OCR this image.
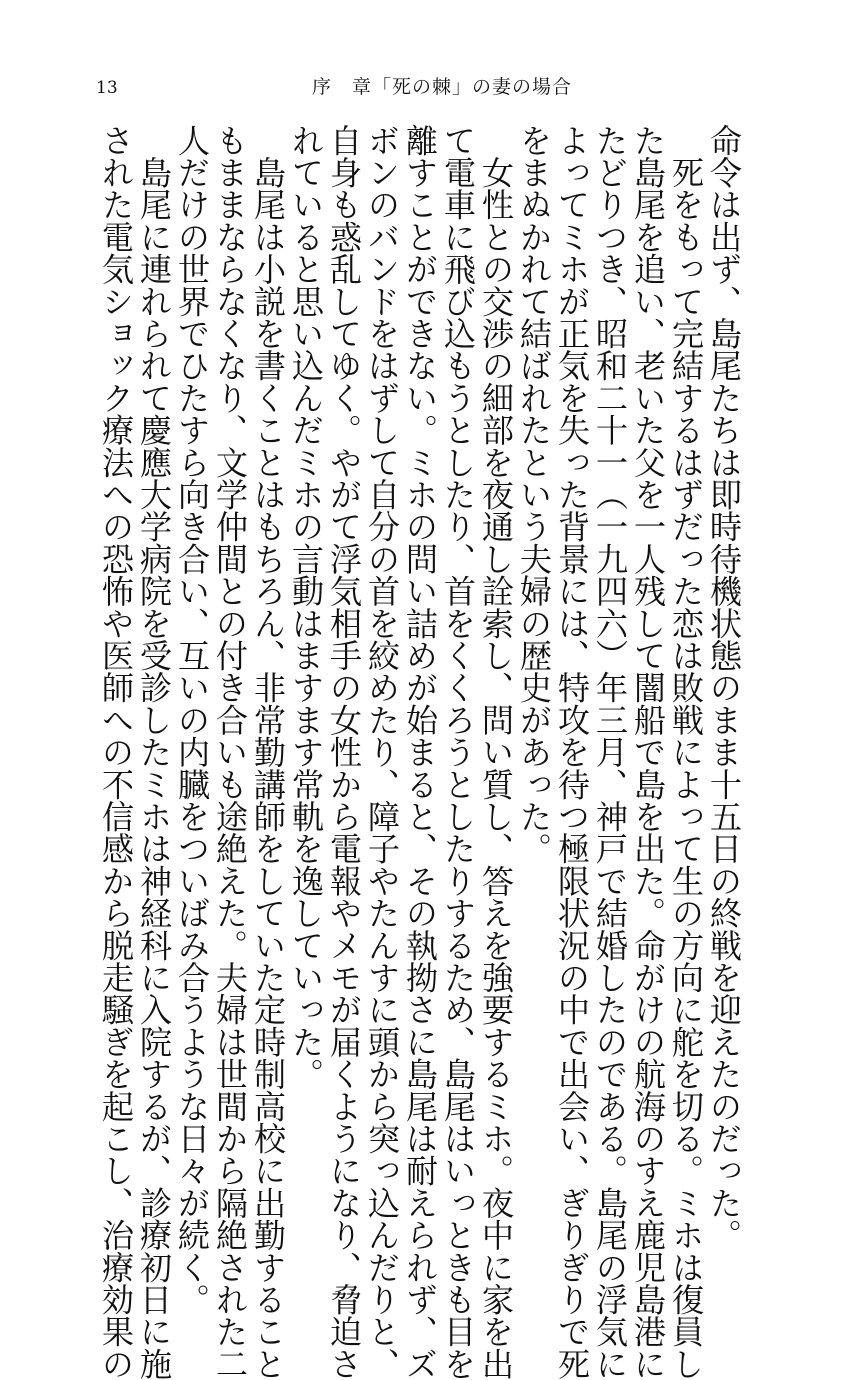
13	序　章「死の棘」の妻の場合
命令は出ず、島尾たちは即時待機状態のまま十五日の終戦を迎えたのだった。
　死をもって完結するはずだった恋は敗戦によって生の方向に舵を切る。ミホは復員し
た島尾を追い、老いた父を一人残して闇船で島を出た。命がけの航海のすえ鹿児島港に
たどりつき、昭和二十一（一九四六）年三月、神戸で結婚したのである。島尾の浮気に
よってミホが正気を失った背景には、特攻を待つ極限状況の中で出会い、ぎりぎりで死
をまぬかれて結ばれたという夫婦の歴史があった。
　女性との交渉の細部を夜通し詮索し、問い質し、答えを強要するミホ。夜中に家を出
て電車に飛び込もうとしたり、首をくくろうとしたりするため、島尾はいっときも目を
離すことができない。ミホの問い詰めが始まると、その執拗さに島尾は耐えられず、ズ
ボンのバンドをはずして自分の首を絞めたり、障子やたんすに頭から突っ込んだりと、
自身も惑乱してゆく。やがて浮気相手の女性から電報やメモが届くようになり、脅迫さ
れていると思い込んだミホの言動はますます常軌を逸していった。
　島尾は小説を書くことはもちろん、非常勤講師をしていた定時制高校に出勤すること
もままならなくなり、文学仲間との付き合いも途絶えた。夫婦は世間から隔絶された二
人だけの世界でひたすら向き合い、互いの内臓をついばみ合うような日々が続く。
　島尾に連れられて慶應大学病院を受診したミホは神経科に入院するが、診療初日に施
された電気ショック療法への恐怖や医師への不信感から脱走騒ぎを起こし、治療効果の
